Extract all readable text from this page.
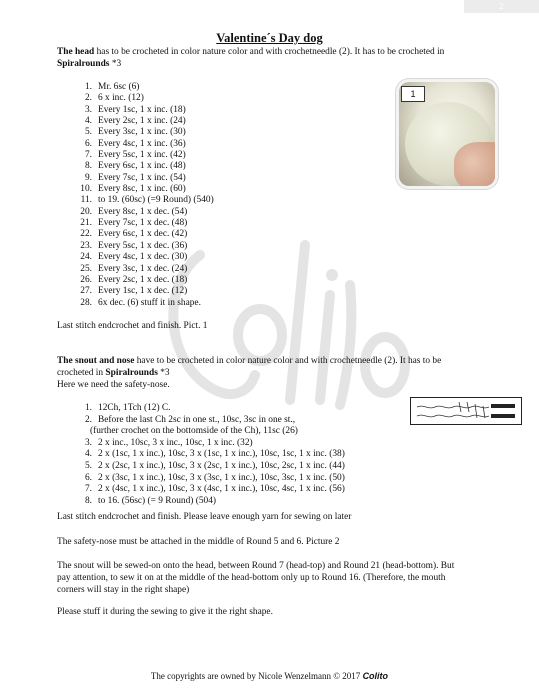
2
Valentine´s Day dog

The head has to be crocheted in color nature color and with crochetneedle (2). It has to be crocheted in Spiralrounds *3

1. Mr. 6sc (6)
2. 6 x inc. (12)
3. Every 1sc, 1 x inc. (18)
4. Every 2sc, 1 x inc. (24)
5. Every 3sc, 1 x inc. (30)
6. Every 4sc, 1 x inc. (36)
7. Every 5sc, 1 x inc. (42)
8. Every 6sc, 1 x inc. (48)
9. Every 7sc, 1 x inc. (54)
10. Every 8sc, 1 x inc. (60)
11. to 19. (60sc) (=9 Round) (540)
20. Every 8sc, 1 x dec. (54)
21. Every 7sc, 1 x dec. (48)
22. Every 6sc, 1 x dec. (42)
23. Every 5sc, 1 x dec. (36)
24. Every 4sc, 1 x dec. (30)
25. Every 3sc, 1 x dec. (24)
26. Every 2sc, 1 x dec. (18)
27. Every 1sc, 1 x dec. (12)
28. 6x dec. (6) stuff it in shape.

Last stitch endcrochet and finish. Pict. 1

1

The snout and nose have to be crocheted in color nature color and with crochetneedle (2). It has to be crocheted in Spiralrounds *3

Here we need the safety-nose.

1. 12Ch, 1Tch (12) C.
2. Before the last Ch 2sc in one st., 10sc, 3sc in one st.,
(further crochet on the bottomside of the Ch), 11sc (26)
3. 2 x inc., 10sc, 3 x inc., 10sc, 1 x inc. (32)
4. 2 x (1sc, 1 x inc.), 10sc, 3 x (1sc, 1 x inc.), 10sc, 1sc, 1 x inc. (38)
5. 2 x (2sc, 1 x inc.), 10sc, 3 x (2sc, 1 x inc.), 10sc, 2sc, 1 x inc. (44)
6. 2 x (3sc, 1 x inc.), 10sc, 3 x (3sc, 1 x inc.), 10sc, 3sc, 1 x inc. (50)
7. 2 x (4sc, 1 x inc.), 10sc, 3 x (4sc, 1 x inc.), 10sc, 4sc, 1 x inc. (56)
8. to 16. (56sc) (= 9 Round) (504)

Last stitch endcrochet and finish. Please leave enough yarn for sewing on later

The safety-nose must be attached in the middle of Round 5 and 6. Picture 2

The snout will be sewed-on onto the head, between Round 7 (head-top) and Round 21 (head-bottom). But pay attention, to sew it on at the middle of the head-bottom only up to Round 16. (Therefore, the mouth corners will stay in the right shape)

Please stuff it during the sewing to give it the right shape.

The copyrights are owned by Nicole Wenzelmann © 2017 Colito
